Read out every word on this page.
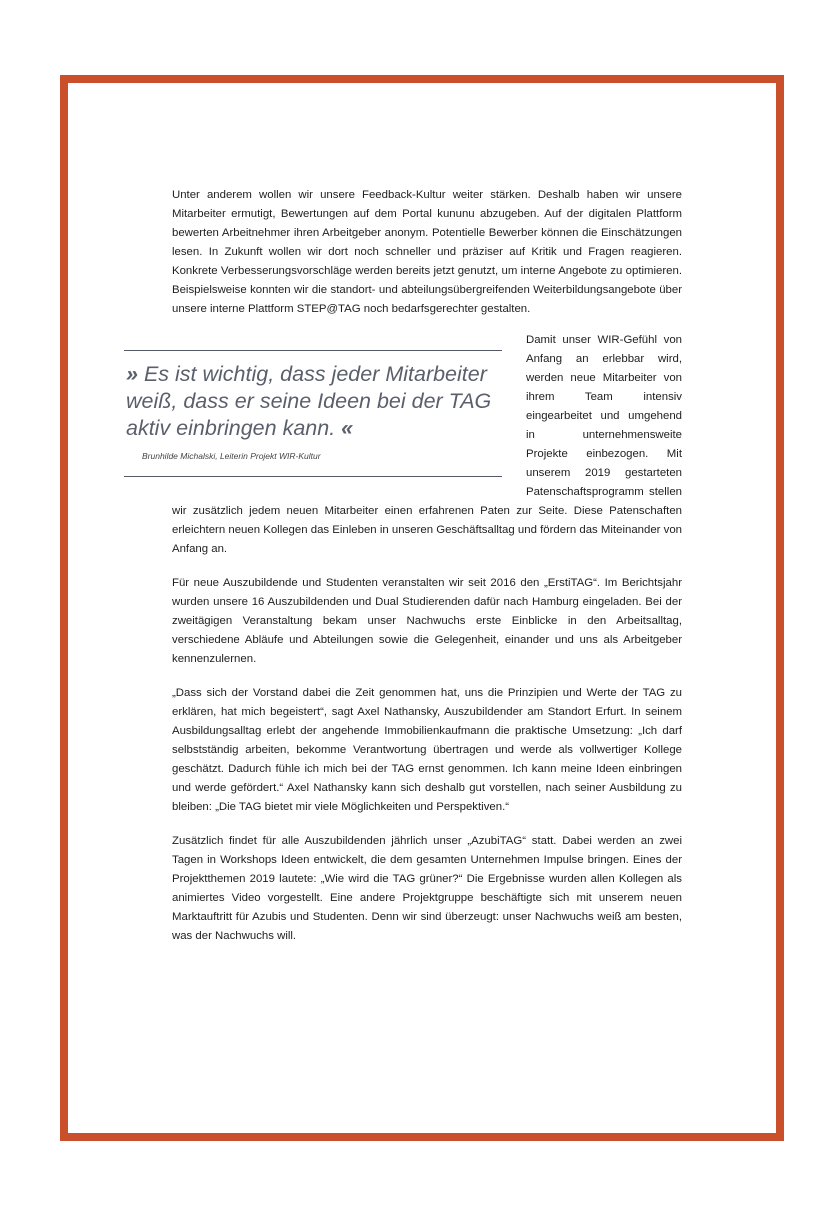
Unter anderem wollen wir unsere Feedback-Kultur weiter stärken. Deshalb haben wir unsere Mitarbeiter ermutigt, Bewertungen auf dem Portal kununu abzugeben. Auf der digitalen Plattform bewerten Arbeitnehmer ihren Arbeitgeber anonym. Potentielle Bewerber können die Einschätzungen lesen. In Zukunft wollen wir dort noch schneller und präziser auf Kritik und Fragen reagieren. Konkrete Verbesserungsvorschläge werden bereits jetzt genutzt, um interne Angebote zu optimieren. Beispielsweise konnten wir die standort- und abteilungsübergreifenden Weiterbildungsangebote über unsere interne Plattform STEP@TAG noch bedarfsgerechter gestalten.

» Es ist wichtig, dass jeder Mitarbeiter weiß, dass er seine Ideen bei der TAG aktiv einbringen kann. «
Brunhilde Michalski, Leiterin Projekt WIR-Kultur

Damit unser WIR-Gefühl von Anfang an erlebbar wird, werden neue Mitarbeiter von ihrem Team intensiv eingearbeitet und umgehend in unternehmensweite Projekte einbezogen. Mit unserem 2019 gestarteten Patenschaftsprogramm stellen wir zusätzlich jedem neuen Mitarbeiter einen erfahrenen Paten zur Seite. Diese Patenschaften erleichtern neuen Kollegen das Einleben in unseren Geschäftsalltag und fördern das Miteinander von Anfang an.

Für neue Auszubildende und Studenten veranstalten wir seit 2016 den „ErstiTAG“. Im Berichtsjahr wurden unsere 16 Auszubildenden und Dual Studierenden dafür nach Hamburg eingeladen. Bei der zweitägigen Veranstaltung bekam unser Nachwuchs erste Einblicke in den Arbeitsalltag, verschiedene Abläufe und Abteilungen sowie die Gelegenheit, einander und uns als Arbeitgeber kennenzulernen.

„Dass sich der Vorstand dabei die Zeit genommen hat, uns die Prinzipien und Werte der TAG zu erklären, hat mich begeistert“, sagt Axel Nathansky, Auszubildender am Standort Erfurt. In seinem Ausbildungsalltag erlebt der angehende Immobilienkaufmann die praktische Umsetzung: „Ich darf selbstständig arbeiten, bekomme Verantwortung übertragen und werde als vollwertiger Kollege geschätzt. Dadurch fühle ich mich bei der TAG ernst genommen. Ich kann meine Ideen einbringen und werde gefördert.“ Axel Nathansky kann sich deshalb gut vorstellen, nach seiner Ausbildung zu bleiben: „Die TAG bietet mir viele Möglichkeiten und Perspektiven.“

Zusätzlich findet für alle Auszubildenden jährlich unser „AzubiTAG“ statt. Dabei werden an zwei Tagen in Workshops Ideen entwickelt, die dem gesamten Unternehmen Impulse bringen. Eines der Projektthemen 2019 lautete: „Wie wird die TAG grüner?“ Die Ergebnisse wurden allen Kollegen als animiertes Video vorgestellt. Eine andere Projektgruppe beschäftigte sich mit unserem neuen Marktauftritt für Azubis und Studenten. Denn wir sind überzeugt: unser Nachwuchs weiß am besten, was der Nachwuchs will.
